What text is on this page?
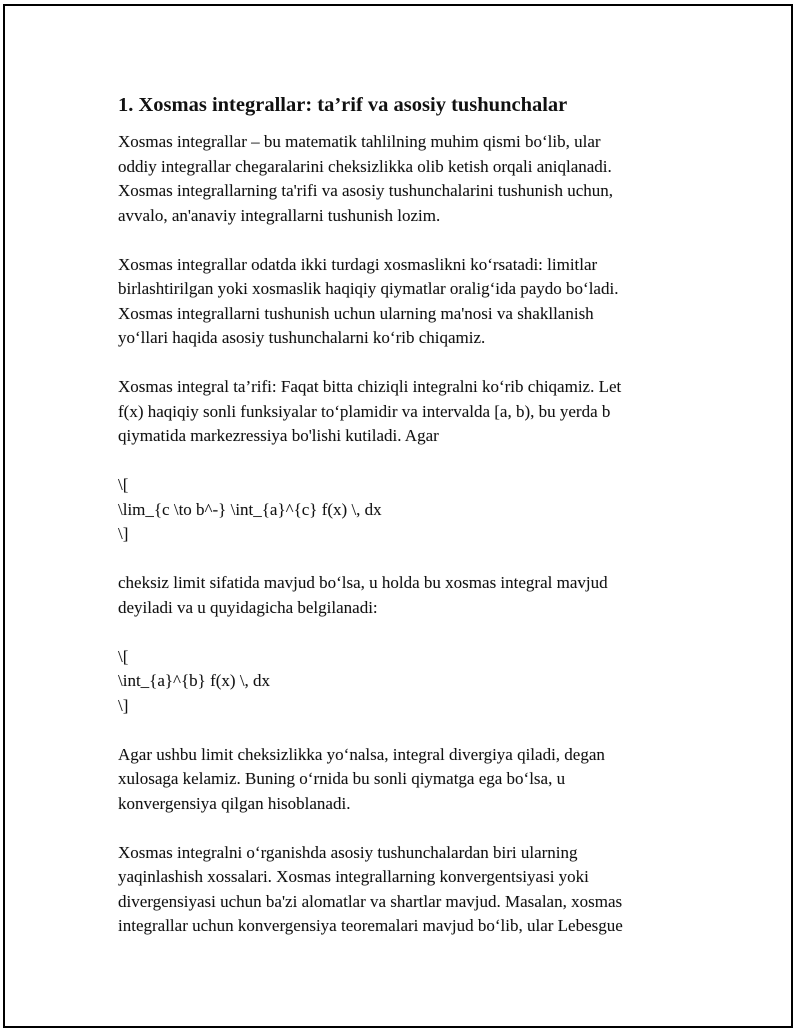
1. Xosmas integrallar: ta’rif va asosiy tushunchalar

Xosmas integrallar – bu matematik tahlilning muhim qismi bo‘lib, ular
oddiy integrallar chegaralarini cheksizlikka olib ketish orqali aniqlanadi.
Xosmas integrallarning ta'rifi va asosiy tushunchalarini tushunish uchun,
avvalo, an'anaviy integrallarni tushunish lozim.

Xosmas integrallar odatda ikki turdagi xosmaslikni ko‘rsatadi: limitlar
birlashtirilgan yoki xosmaslik haqiqiy qiymatlar oralig‘ida paydo bo‘ladi.
Xosmas integrallarni tushunish uchun ularning ma'nosi va shakllanish
yo‘llari haqida asosiy tushunchalarni ko‘rib chiqamiz.

Xosmas integral ta’rifi: Faqat bitta chiziqli integralni ko‘rib chiqamiz. Let
f(x) haqiqiy sonli funksiyalar to‘plamidir va intervalda [a, b), bu yerda b
qiymatida markezressiya bo'lishi kutiladi. Agar

\[
\lim_{c \to b^-} \int_{a}^{c} f(x) \, dx
\]

cheksiz limit sifatida mavjud bo‘lsa, u holda bu xosmas integral mavjud
deyiladi va u quyidagicha belgilanadi:

\[
\int_{a}^{b} f(x) \, dx
\]

Agar ushbu limit cheksizlikka yo‘nalsa, integral divergiya qiladi, degan
xulosaga kelamiz. Buning o‘rnida bu sonli qiymatga ega bo‘lsa, u
konvergensiya qilgan hisoblanadi.

Xosmas integralni o‘rganishda asosiy tushunchalardan biri ularning
yaqinlashish xossalari. Xosmas integrallarning konvergentsiyasi yoki
divergensiyasi uchun ba'zi alomatlar va shartlar mavjud. Masalan, xosmas
integrallar uchun konvergensiya teoremalari mavjud bo‘lib, ular Lebesgue
